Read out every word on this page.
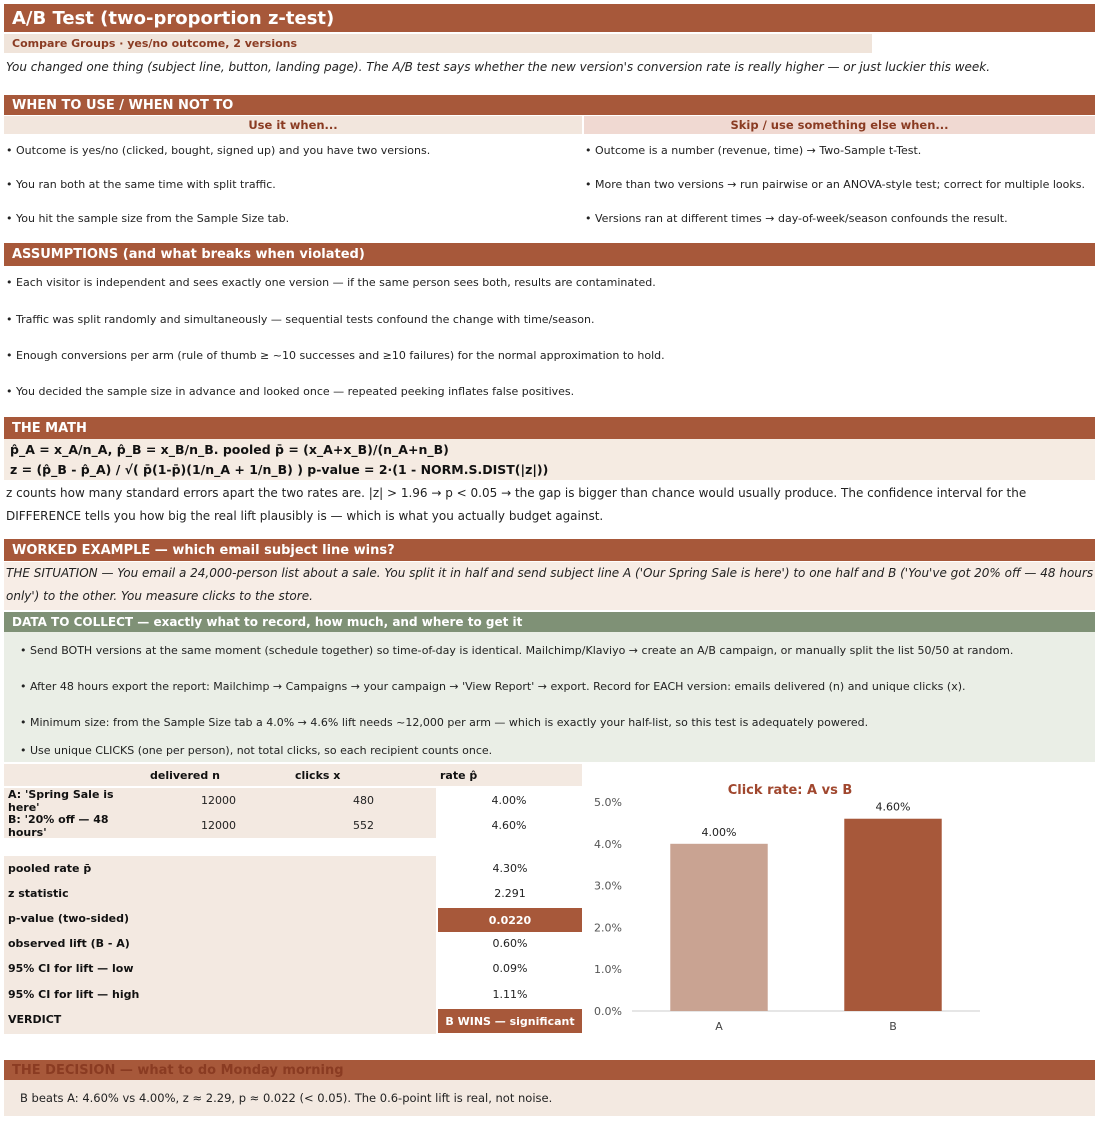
A/B Test (two-proportion z-test)
Compare Groups · yes/no outcome, 2 versions
You changed one thing (subject line, button, landing page). The A/B test says whether the new version's conversion rate is really higher — or just luckier this week.
WHEN TO USE / WHEN NOT TO
Use it when...	Skip / use something else when...
• Outcome is yes/no (clicked, bought, signed up) and you have two versions.
• You ran both at the same time with split traffic.
• You hit the sample size from the Sample Size tab.
• Outcome is a number (revenue, time) → Two-Sample t-Test.
• More than two versions → run pairwise or an ANOVA-style test; correct for multiple looks.
• Versions ran at different times → day-of-week/season confounds the result.
ASSUMPTIONS (and what breaks when violated)
• Each visitor is independent and sees exactly one version — if the same person sees both, results are contaminated.
• Traffic was split randomly and simultaneously — sequential tests confound the change with time/season.
• Enough conversions per arm (rule of thumb ≥ ~10 successes and ≥10 failures) for the normal approximation to hold.
• You decided the sample size in advance and looked once — repeated peeking inflates false positives.
THE MATH
p̂_A = x_A/n_A, p̂_B = x_B/n_B. pooled p̄ = (x_A+x_B)/(n_A+n_B)
z = (p̂_B - p̂_A) / √( p̄(1-p̄)(1/n_A + 1/n_B) ) p-value = 2·(1 - NORM.S.DIST(|z|))
z counts how many standard errors apart the two rates are. |z| > 1.96 → p < 0.05 → the gap is bigger than chance would usually produce. The confidence interval for the DIFFERENCE tells you how big the real lift plausibly is — which is what you actually budget against.
WORKED EXAMPLE — which email subject line wins?
THE SITUATION — You email a 24,000-person list about a sale. You split it in half and send subject line A ('Our Spring Sale is here') to one half and B ('You've got 20% off — 48 hours only') to the other. You measure clicks to the store.
DATA TO COLLECT — exactly what to record, how much, and where to get it
• Send BOTH versions at the same moment (schedule together) so time-of-day is identical. Mailchimp/Klaviyo → create an A/B campaign, or manually split the list 50/50 at random.
• After 48 hours export the report: Mailchimp → Campaigns → your campaign → 'View Report' → export. Record for EACH version: emails delivered (n) and unique clicks (x).
• Minimum size: from the Sample Size tab a 4.0% → 4.6% lift needs ~12,000 per arm — which is exactly your half-list, so this test is adequately powered.
• Use unique CLICKS (one per person), not total clicks, so each recipient counts once.
delivered n	clicks x	rate p̂
A: 'Spring Sale is here'	12000	480	4.00%
B: '20% off — 48 hours'	12000	552	4.60%
pooled rate p̄	4.30%
z statistic	2.291
p-value (two-sided)	0.0220
observed lift (B - A)	0.60%
95% CI for lift — low	0.09%
95% CI for lift — high	1.11%
VERDICT	B WINS — significant
Click rate: A vs B
0.0%
1.0%
2.0%
3.0%
4.0%
5.0%
4.00%
A
4.60%
B
THE DECISION — what to do Monday morning
B beats A: 4.60% vs 4.00%, z ≈ 2.29, p ≈ 0.022 (< 0.05). The 0.6-point lift is real, not noise.
